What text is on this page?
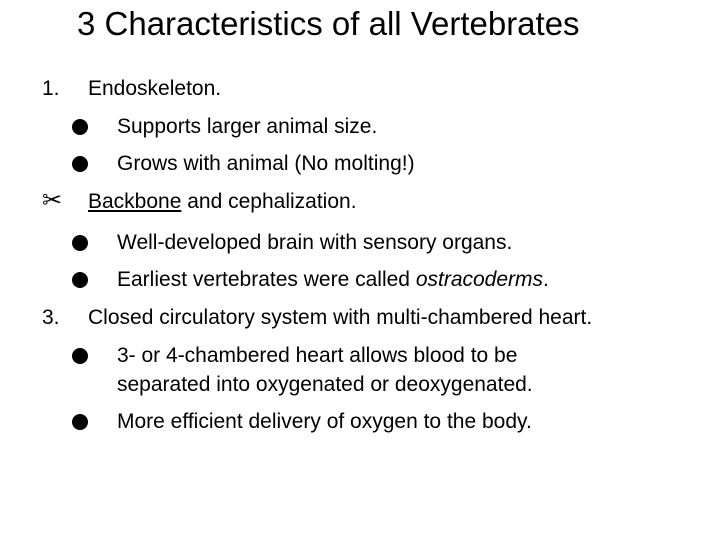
3 Characteristics of all Vertebrates
1. Endoskeleton.
Supports larger animal size.
Grows with animal (No molting!)
✂ Backbone and cephalization.
Well-developed brain with sensory organs.
Earliest vertebrates were called ostracoderms.
3. Closed circulatory system with multi-chambered heart.
3- or 4-chambered heart allows blood to be
separated into oxygenated or deoxygenated.
More efficient delivery of oxygen to the body.
